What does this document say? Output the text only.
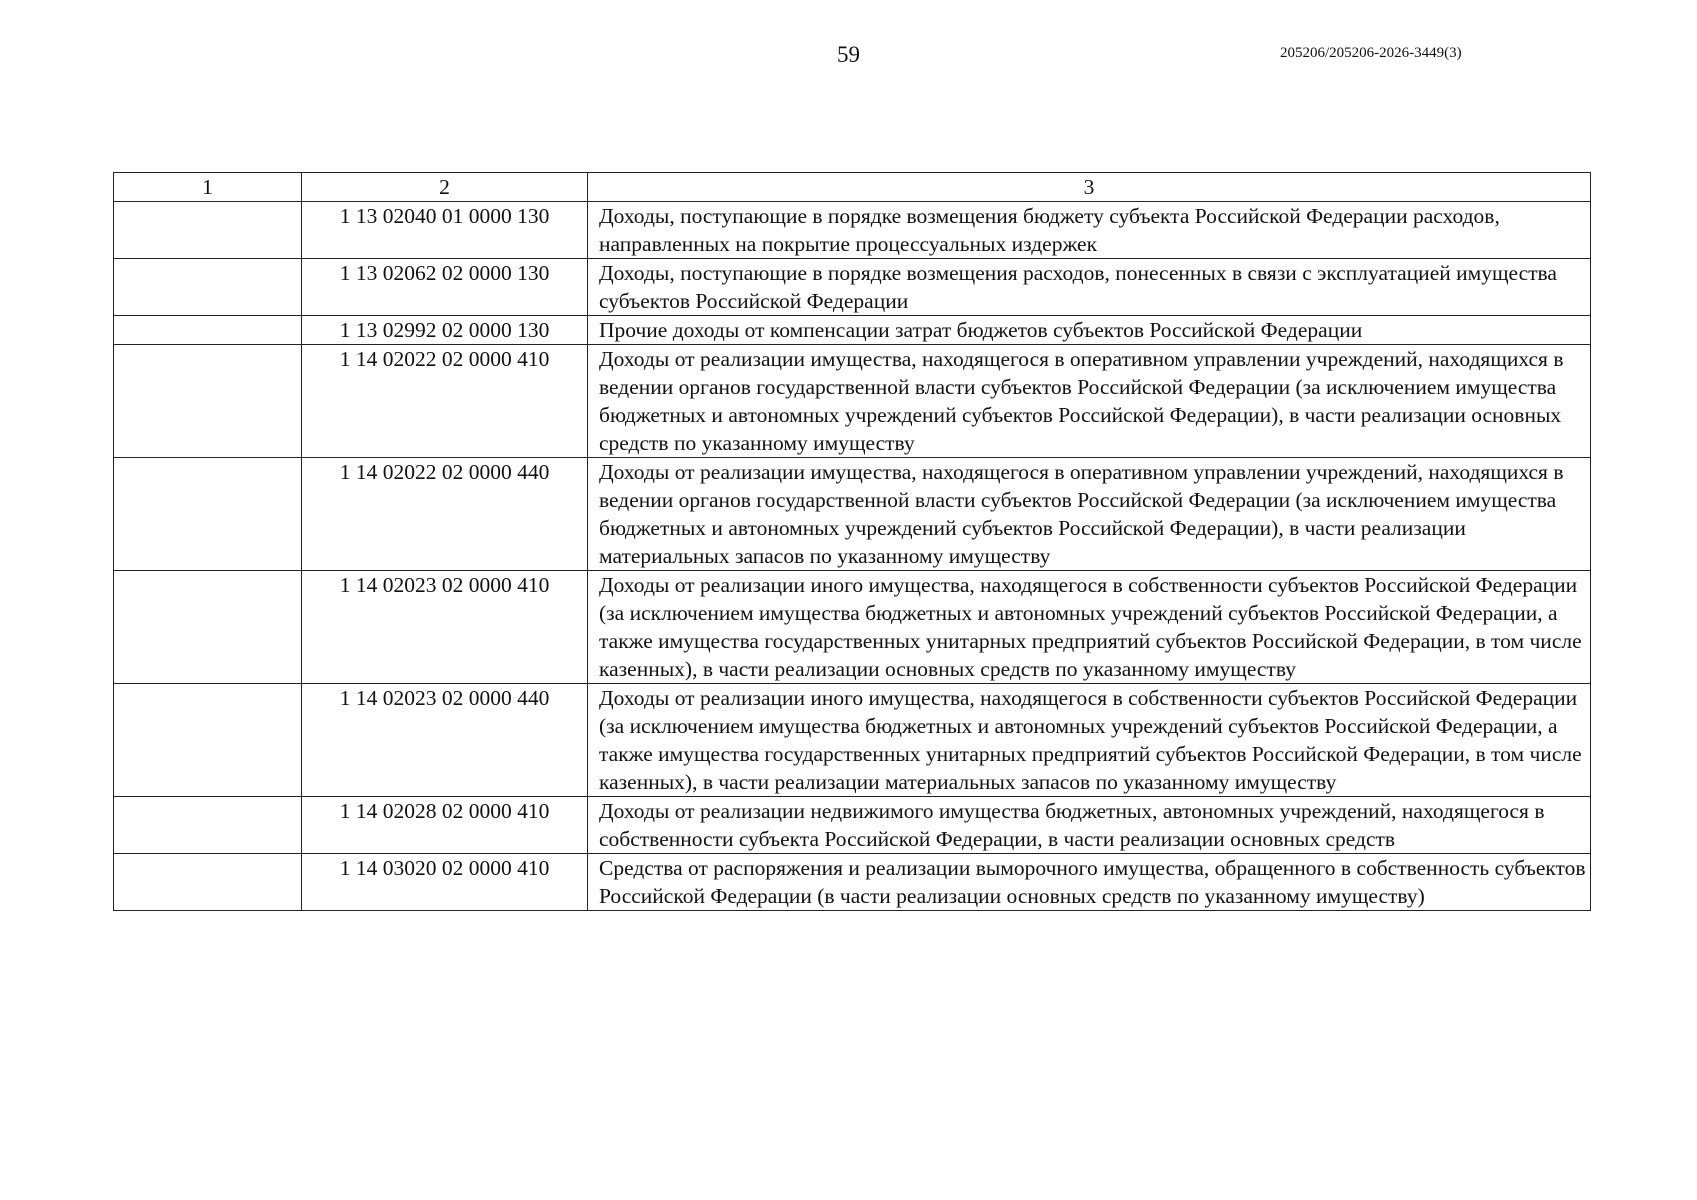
59	205206/205206-2026-3449(3)
1	2	3
	1 13 02040 01 0000 130	Доходы, поступающие в порядке возмещения бюджету субъекта Российской Федерации расходов, направленных на покрытие процессуальных издержек
	1 13 02062 02 0000 130	Доходы, поступающие в порядке возмещения расходов, понесенных в связи с эксплуатацией имущества субъектов Российской Федерации
	1 13 02992 02 0000 130	Прочие доходы от компенсации затрат бюджетов субъектов Российской Федерации
	1 14 02022 02 0000 410	Доходы от реализации имущества, находящегося в оперативном управлении учреждений, находящихся в ведении органов государственной власти субъектов Российской Федерации (за исключением имущества бюджетных и автономных учреждений субъектов Российской Федерации), в части реализации основных средств по указанному имуществу
	1 14 02022 02 0000 440	Доходы от реализации имущества, находящегося в оперативном управлении учреждений, находящихся в ведении органов государственной власти субъектов Российской Федерации (за исключением имущества бюджетных и автономных учреждений субъектов Российской Федерации), в части реализации материальных запасов по указанному имуществу
	1 14 02023 02 0000 410	Доходы от реализации иного имущества, находящегося в собственности субъектов Российской Федерации (за исключением имущества бюджетных и автономных учреждений субъектов Российской Федерации, а также имущества государственных унитарных предприятий субъектов Российской Федерации, в том числе казенных), в части реализации основных средств по указанному имуществу
	1 14 02023 02 0000 440	Доходы от реализации иного имущества, находящегося в собственности субъектов Российской Федерации (за исключением имущества бюджетных и автономных учреждений субъектов Российской Федерации, а также имущества государственных унитарных предприятий субъектов Российской Федерации, в том числе казенных), в части реализации материальных запасов по указанному имуществу
	1 14 02028 02 0000 410	Доходы от реализации недвижимого имущества бюджетных, автономных учреждений, находящегося в собственности субъекта Российской Федерации, в части реализации основных средств
	1 14 03020 02 0000 410	Средства от распоряжения и реализации выморочного имущества, обращенного в собственность субъектов Российской Федерации (в части реализации основных средств по указанному имуществу)
